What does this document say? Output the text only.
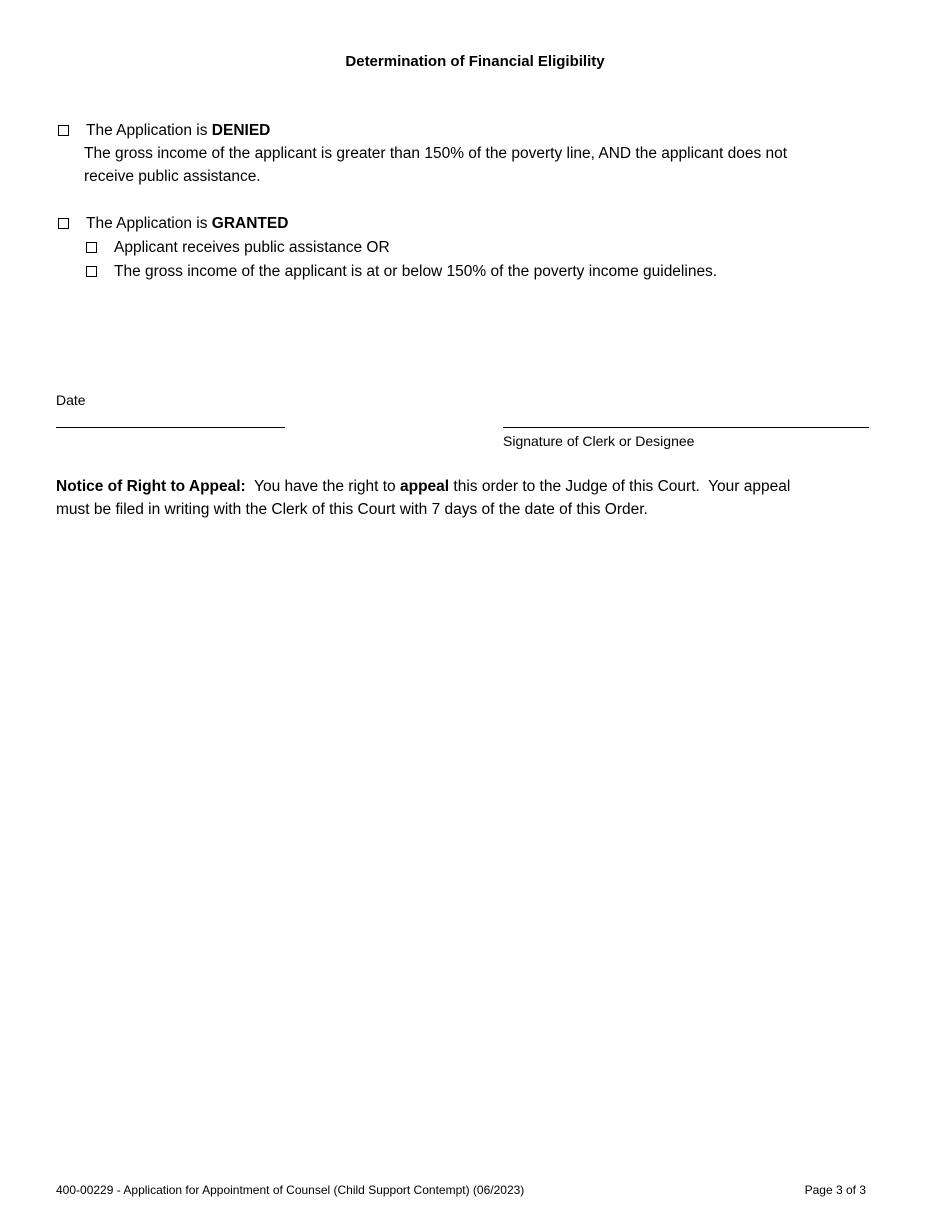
Determination of Financial Eligibility
The Application is DENIED
The gross income of the applicant is greater than 150% of the poverty line, AND the applicant does not
receive public assistance.
The Application is GRANTED
Applicant receives public assistance OR
The gross income of the applicant is at or below 150% of the poverty income guidelines.
Date
Signature of Clerk or Designee
Notice of Right to Appeal:  You have the right to appeal this order to the Judge of this Court.  Your appeal
must be filed in writing with the Clerk of this Court with 7 days of the date of this Order.
400-00229 - Application for Appointment of Counsel (Child Support Contempt) (06/2023)	Page 3 of 3
